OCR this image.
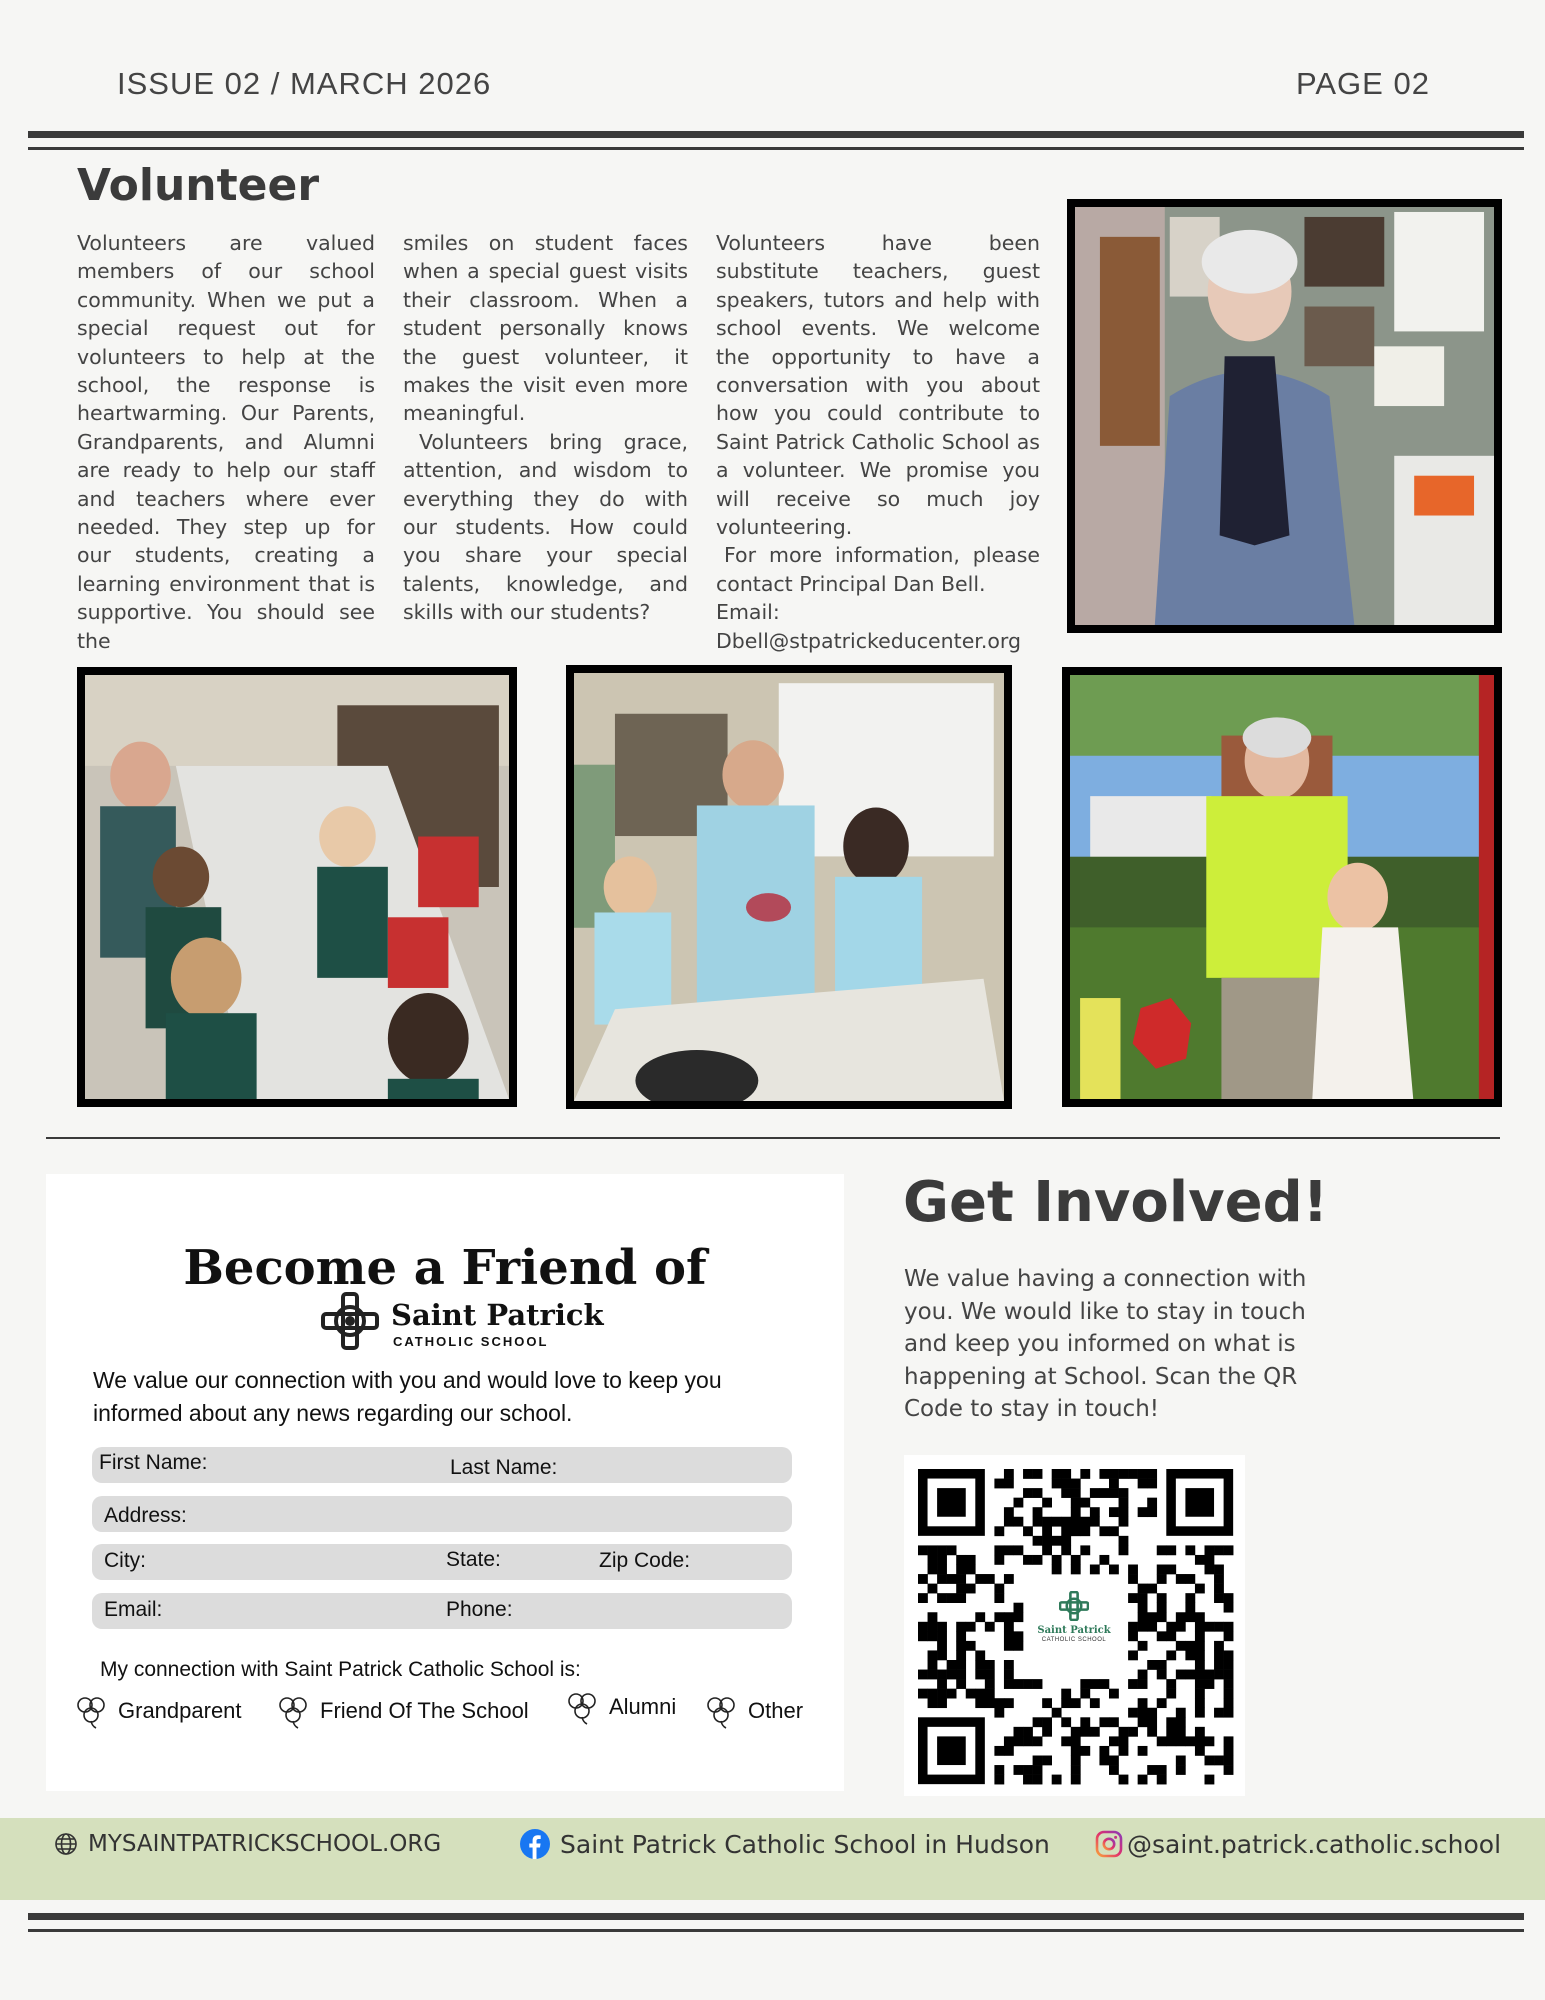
ISSUE 02 / MARCH 2026	PAGE 02
Volunteer

Volunteers are valued members of our school community. When we put a special request out for volunteers to help at the school, the response is heartwarming. Our Parents, Grandparents, and Alumni are ready to help our staff and teachers where ever needed. They step up for our students, creating a learning environment that is supportive. You should see the

smiles on student faces when a special guest visits their classroom. When a student personally knows the guest volunteer, it makes the visit even more meaningful.

Volunteers bring grace, attention, and wisdom to everything they do with our students. How could you share your special talents, knowledge, and skills with our students?

Volunteers have been substitute teachers, guest speakers, tutors and help with school events. We welcome the opportunity to have a conversation with you about how you could contribute to Saint Patrick Catholic School as a volunteer. We promise you will receive so much joy volunteering.

For more information, please contact Principal Dan Bell.

Email:

Dbell@stpatrickeducenter.org

Become a Friend of
Saint Patrick
CATHOLIC SCHOOL
We value our connection with you and would love to keep you informed about any news regarding our school.
First Name:	Last Name:
Address:
City:	State:	Zip Code:
Email:	Phone:
My connection with Saint Patrick Catholic School is:
Grandparent	Friend Of The School	Alumni	Other
Get Involved!
We value having a connection with you. We would like to stay in touch and keep you informed on what is happening at School. Scan the QR Code to stay in touch!
Saint Patrick
CATHOLIC SCHOOL
MYSAINTPATRICKSCHOOL.ORG	Saint Patrick Catholic School in Hudson	@saint.patrick.catholic.school
